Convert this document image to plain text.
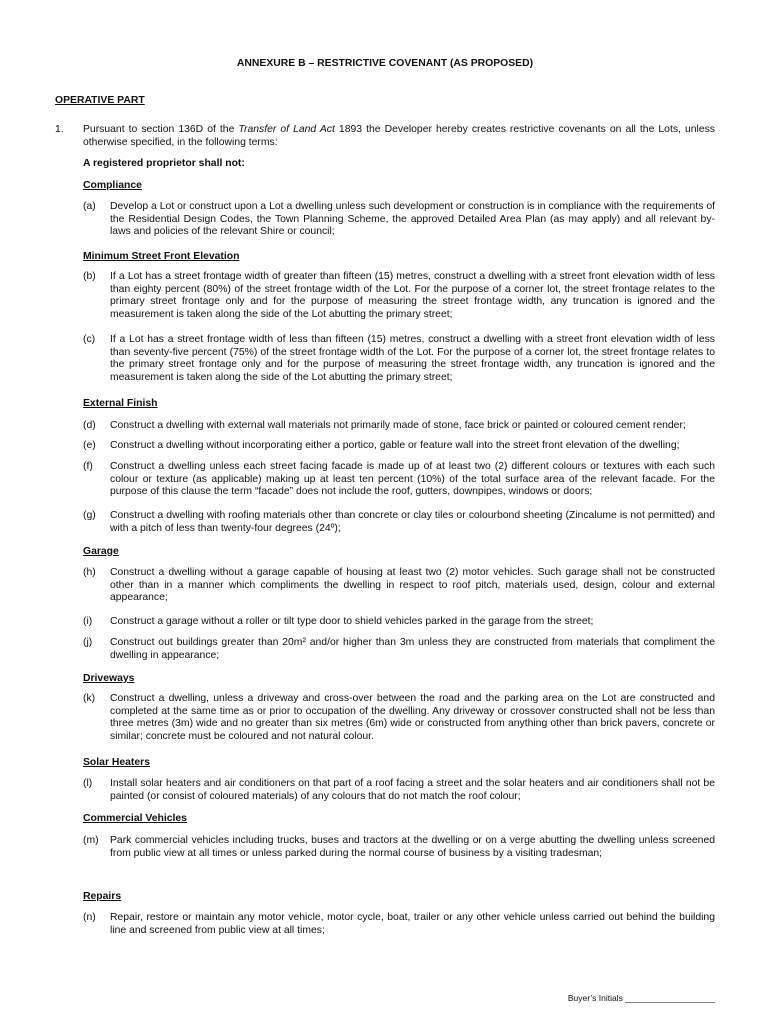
ANNEXURE B – RESTRICTIVE COVENANT (AS PROPOSED)
OPERATIVE PART
1. Pursuant to section 136D of the Transfer of Land Act 1893 the Developer hereby creates restrictive covenants on all the Lots, unless otherwise specified, in the following terms:
A registered proprietor shall not:
Compliance
(a) Develop a Lot or construct upon a Lot a dwelling unless such development or construction is in compliance with the requirements of the Residential Design Codes, the Town Planning Scheme, the approved Detailed Area Plan (as may apply) and all relevant by-laws and policies of the relevant Shire or council;
Minimum Street Front Elevation
(b) If a Lot has a street frontage width of greater than fifteen (15) metres, construct a dwelling with a street front elevation width of less than eighty percent (80%) of the street frontage width of the Lot. For the purpose of a corner lot, the street frontage relates to the primary street frontage only and for the purpose of measuring the street frontage width, any truncation is ignored and the measurement is taken along the side of the Lot abutting the primary street;
(c) If a Lot has a street frontage width of less than fifteen (15) metres, construct a dwelling with a street front elevation width of less than seventy-five percent (75%) of the street frontage width of the Lot. For the purpose of a corner lot, the street frontage relates to the primary street frontage only and for the purpose of measuring the street frontage width, any truncation is ignored and the measurement is taken along the side of the Lot abutting the primary street;
External Finish
(d) Construct a dwelling with external wall materials not primarily made of stone, face brick or painted or coloured cement render;
(e) Construct a dwelling without incorporating either a portico, gable or feature wall into the street front elevation of the dwelling;
(f) Construct a dwelling unless each street facing facade is made up of at least two (2) different colours or textures with each such colour or texture (as applicable) making up at least ten percent (10%) of the total surface area of the relevant facade. For the purpose of this clause the term “facade” does not include the roof, gutters, downpipes, windows or doors;
(g) Construct a dwelling with roofing materials other than concrete or clay tiles or colourbond sheeting (Zincalume is not permitted) and with a pitch of less than twenty-four degrees (24º);
Garage
(h) Construct a dwelling without a garage capable of housing at least two (2) motor vehicles. Such garage shall not be constructed other than in a manner which compliments the dwelling in respect to roof pitch, materials used, design, colour and external appearance;
(i) Construct a garage without a roller or tilt type door to shield vehicles parked in the garage from the street;
(j) Construct out buildings greater than 20m² and/or higher than 3m unless they are constructed from materials that compliment the dwelling in appearance;
Driveways
(k) Construct a dwelling, unless a driveway and cross-over between the road and the parking area on the Lot are constructed and completed at the same time as or prior to occupation of the dwelling. Any driveway or crossover constructed shall not be less than three metres (3m) wide and no greater than six metres (6m) wide or constructed from anything other than brick pavers, concrete or similar; concrete must be coloured and not natural colour.
Solar Heaters
(l) Install solar heaters and air conditioners on that part of a roof facing a street and the solar heaters and air conditioners shall not be painted (or consist of coloured materials) of any colours that do not match the roof colour;
Commercial Vehicles
(m) Park commercial vehicles including trucks, buses and tractors at the dwelling or on a verge abutting the dwelling unless screened from public view at all times or unless parked during the normal course of business by a visiting tradesman;
Repairs
(n) Repair, restore or maintain any motor vehicle, motor cycle, boat, trailer or any other vehicle unless carried out behind the building line and screened from public view at all times;
Buyer’s Initials ___________________
